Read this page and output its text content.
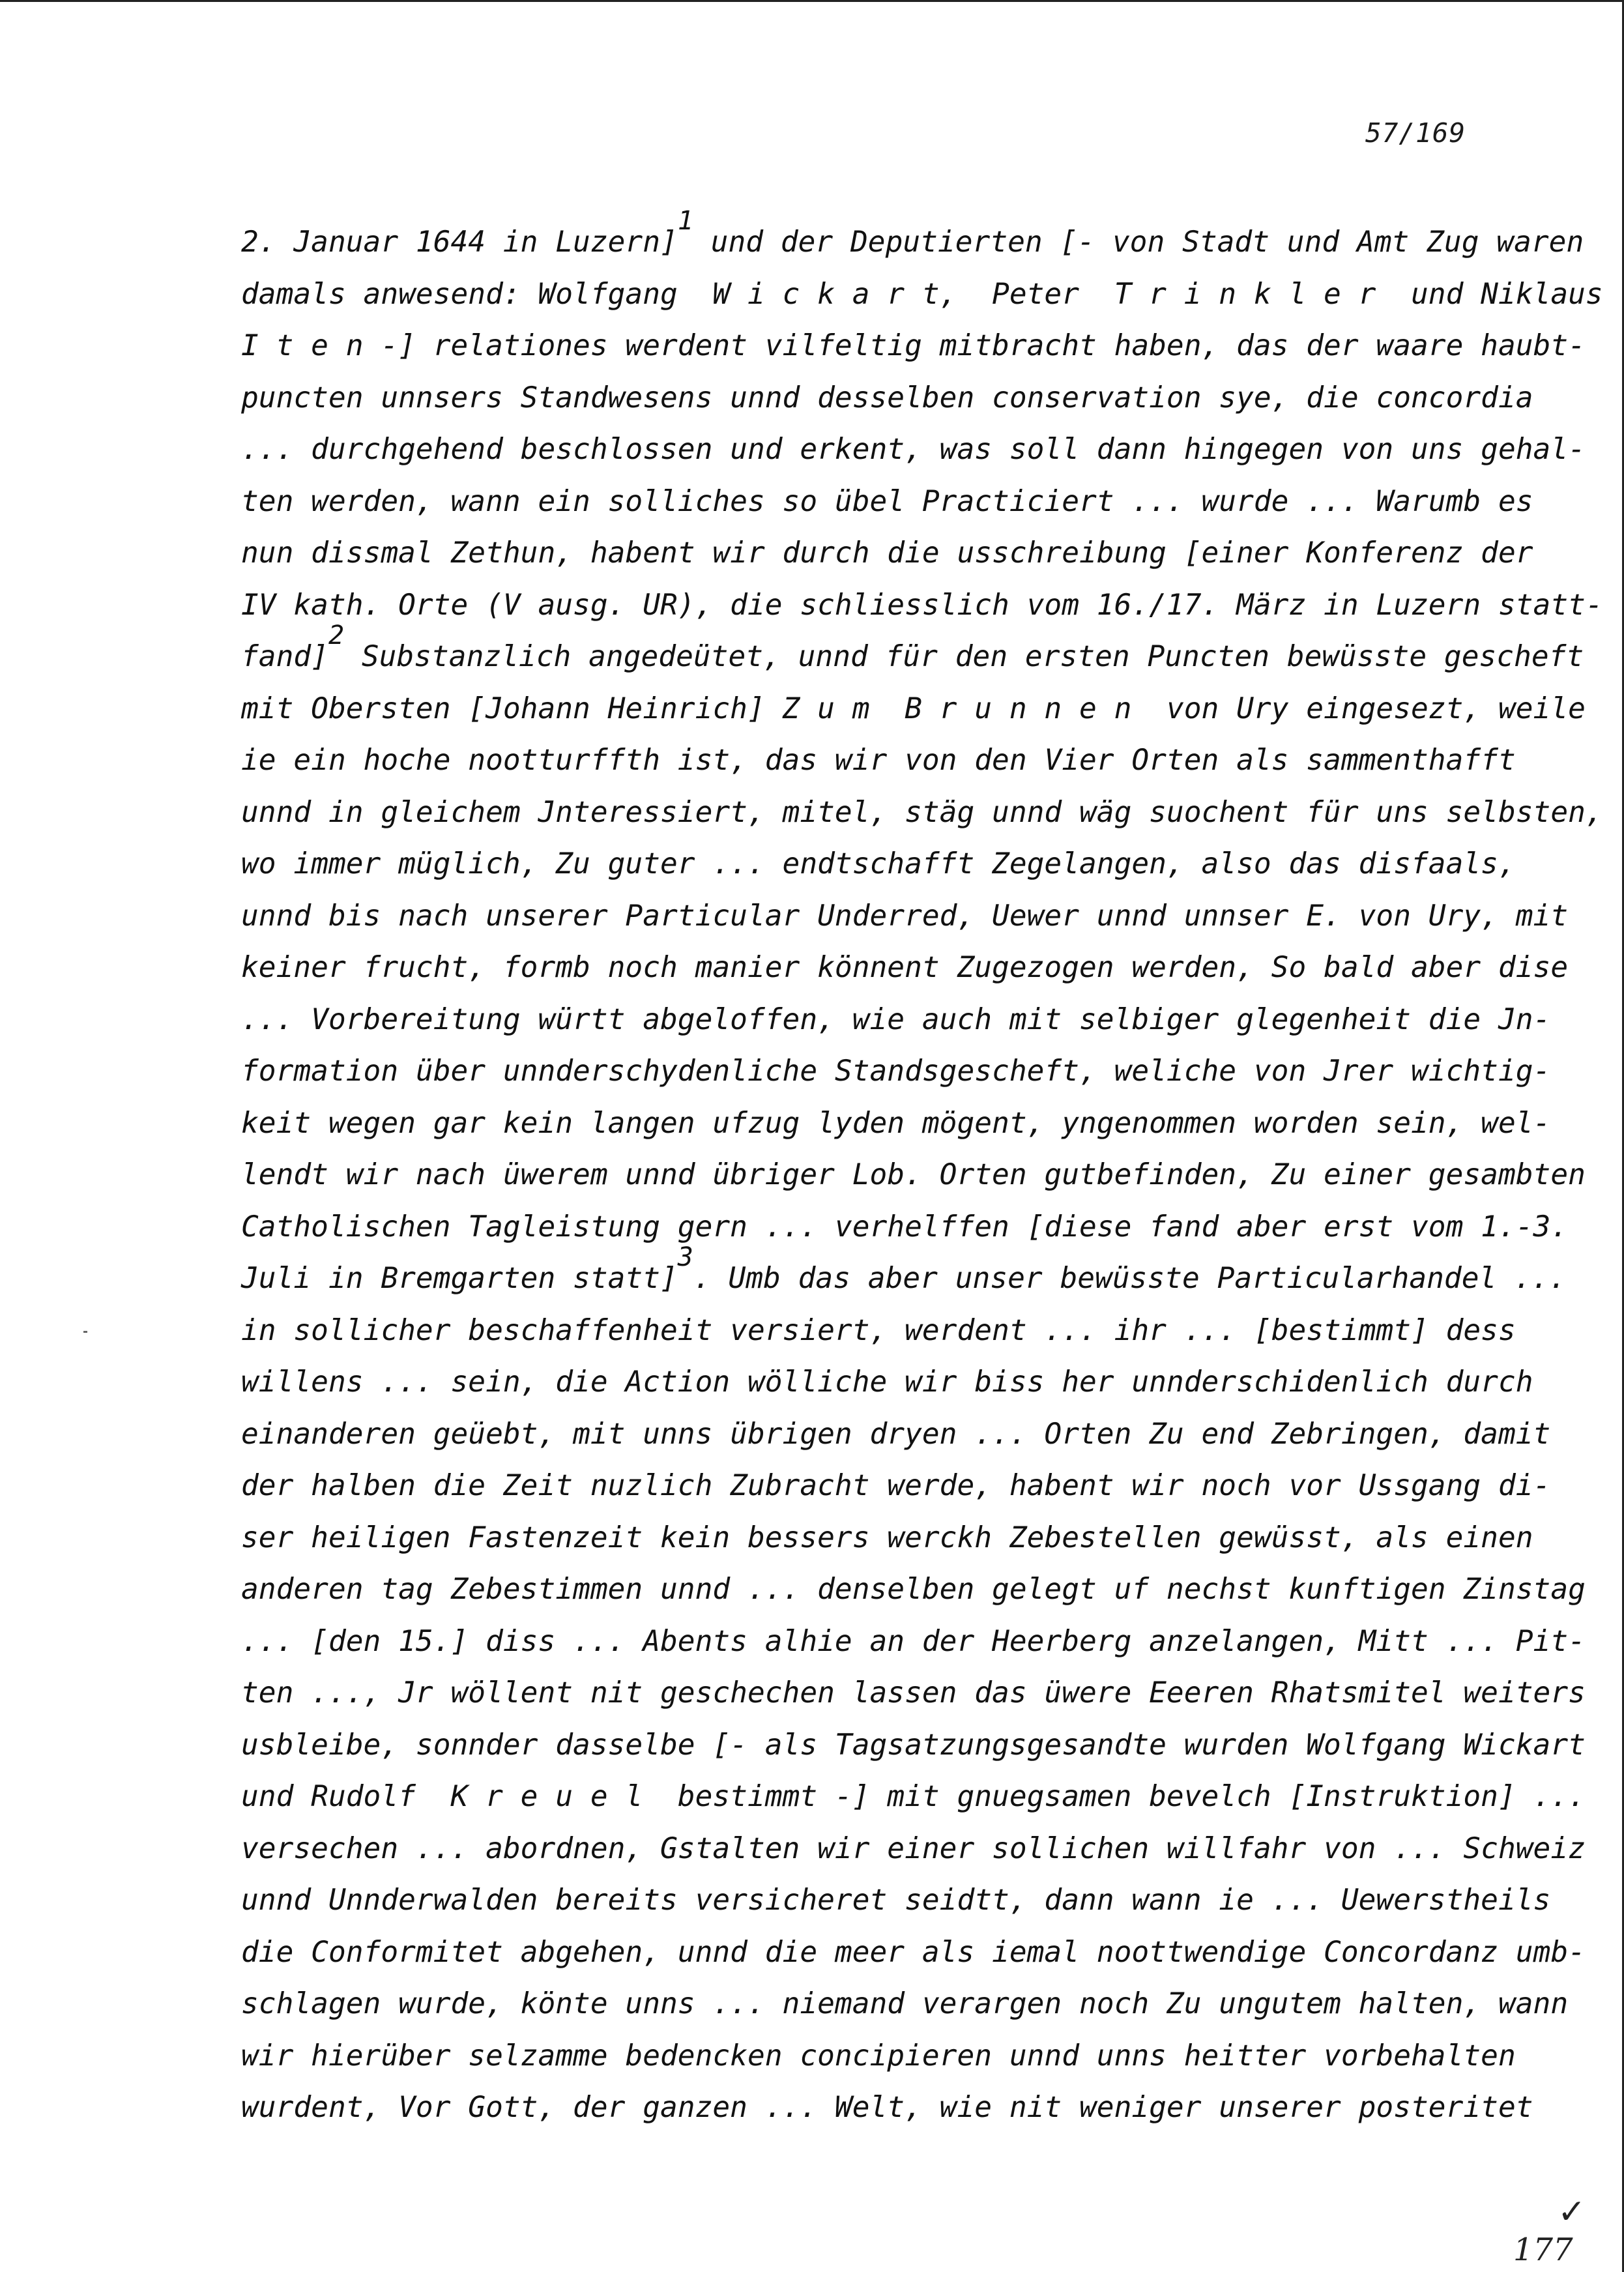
57/169
2. Januar 1644 in Luzern]$^1$ und der Deputierten [- von Stadt und Amt Zug waren
damals anwesend: Wolfgang  W i c k a r t,  Peter  T r i n k l e r  und Niklaus
I t e n -] relationes werdent vilfeltig mitbracht haben, das der waare haubt-
puncten unnsers Standwesens unnd desselben conservation sye, die concordia
... durchgehend beschlossen und erkent, was soll dann hingegen von uns gehal-
ten werden, wann ein solliches so übel Practiciert ... wurde ... Warumb es
nun dissmal Zethun, habent wir durch die usschreibung [einer Konferenz der
IV kath. Orte (V ausg. UR), die schliesslich vom 16./17. März in Luzern statt-
fand]$^2$ Substanzlich angedeütet, unnd für den ersten Puncten bewüsste gescheft
mit Obersten [Johann Heinrich] Z u m  B r u n n e n  von Ury eingesezt, weile
ie ein hoche nootturffth ist, das wir von den Vier Orten als sammenthafft
unnd in gleichem Jnteressiert, mitel, stäg unnd wäg suochent für uns selbsten,
wo immer müglich, Zu guter ... endtschafft Zegelangen, also das disfaals,
unnd bis nach unserer Particular Underred, Uewer unnd unnser E. von Ury, mit
keiner frucht, formb noch manier könnent Zugezogen werden, So bald aber dise
... Vorbereitung württ abgeloffen, wie auch mit selbiger glegenheit die Jn-
formation über unnderschydenliche Standsgescheft, weliche von Jrer wichtig-
keit wegen gar kein langen ufzug lyden mögent, yngenommen worden sein, wel-
lendt wir nach üwerem unnd übriger Lob. Orten gutbefinden, Zu einer gesambten
Catholischen Tagleistung gern ... verhelffen [diese fand aber erst vom 1.-3.
Juli in Bremgarten statt]$^3$. Umb das aber unser bewüsste Particularhandel ...
in sollicher beschaffenheit versiert, werdent ... ihr ... [bestimmt] dess
willens ... sein, die Action wölliche wir biss her unnderschidenlich durch
einanderen geüebt, mit unns übrigen dryen ... Orten Zu end Zebringen, damit
der halben die Zeit nuzlich Zubracht werde, habent wir noch vor Ussgang di-
ser heiligen Fastenzeit kein bessers werckh Zebestellen gewüsst, als einen
anderen tag Zebestimmen unnd ... denselben gelegt uf nechst kunftigen Zinstag
... [den 15.] diss ... Abents alhie an der Heerberg anzelangen, Mitt ... Pit-
ten ..., Jr wöllent nit geschechen lassen das üwere Eeeren Rhatsmitel weiters
usbleibe, sonnder dasselbe [- als Tagsatzungsgesandte wurden Wolfgang Wickart
und Rudolf  K r e u e l  bestimmt -] mit gnuegsamen bevelch [Instruktion] ...
versechen ... abordnen, Gstalten wir einer sollichen willfahr von ... Schweiz
unnd Unnderwalden bereits versicheret seidtt, dann wann ie ... Uewerstheils
die Conformitet abgehen, unnd die meer als iemal noottwendige Concordanz umb-
schlagen wurde, könte unns ... niemand verargen noch Zu ungutem halten, wann
wir hierüber selzamme bedencken concipieren unnd unns heitter vorbehalten
wurdent, Vor Gott, der ganzen ... Welt, wie nit weniger unserer posteritet
✓
177
